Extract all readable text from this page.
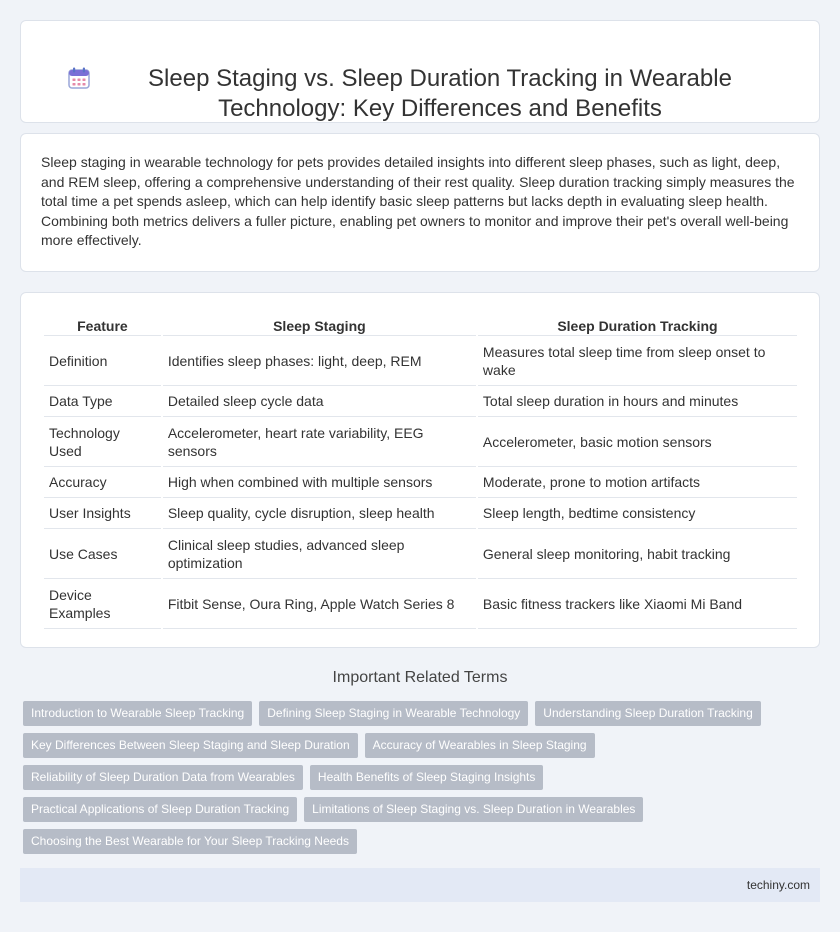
Sleep Staging vs. Sleep Duration Tracking in Wearable Technology: Key Differences and Benefits

Sleep staging in wearable technology for pets provides detailed insights into different sleep phases, such as light, deep, and REM sleep, offering a comprehensive understanding of their rest quality. Sleep duration tracking simply measures the total time a pet spends asleep, which can help identify basic sleep patterns but lacks depth in evaluating sleep health. Combining both metrics delivers a fuller picture, enabling pet owners to monitor and improve their pet's overall well-being more effectively.

Feature	Sleep Staging	Sleep Duration Tracking
Definition	Identifies sleep phases: light, deep, REM	Measures total sleep time from sleep onset to wake
Data Type	Detailed sleep cycle data	Total sleep duration in hours and minutes
Technology Used	Accelerometer, heart rate variability, EEG sensors	Accelerometer, basic motion sensors
Accuracy	High when combined with multiple sensors	Moderate, prone to motion artifacts
User Insights	Sleep quality, cycle disruption, sleep health	Sleep length, bedtime consistency
Use Cases	Clinical sleep studies, advanced sleep optimization	General sleep monitoring, habit tracking
Device Examples	Fitbit Sense, Oura Ring, Apple Watch Series 8	Basic fitness trackers like Xiaomi Mi Band
Important Related Terms
Introduction to Wearable Sleep Tracking	Defining Sleep Staging in Wearable Technology	Understanding Sleep Duration Tracking
Key Differences Between Sleep Staging and Sleep Duration	Accuracy of Wearables in Sleep Staging
Reliability of Sleep Duration Data from Wearables	Health Benefits of Sleep Staging Insights
Practical Applications of Sleep Duration Tracking	Limitations of Sleep Staging vs. Sleep Duration in Wearables
Choosing the Best Wearable for Your Sleep Tracking Needs
techiny.com
